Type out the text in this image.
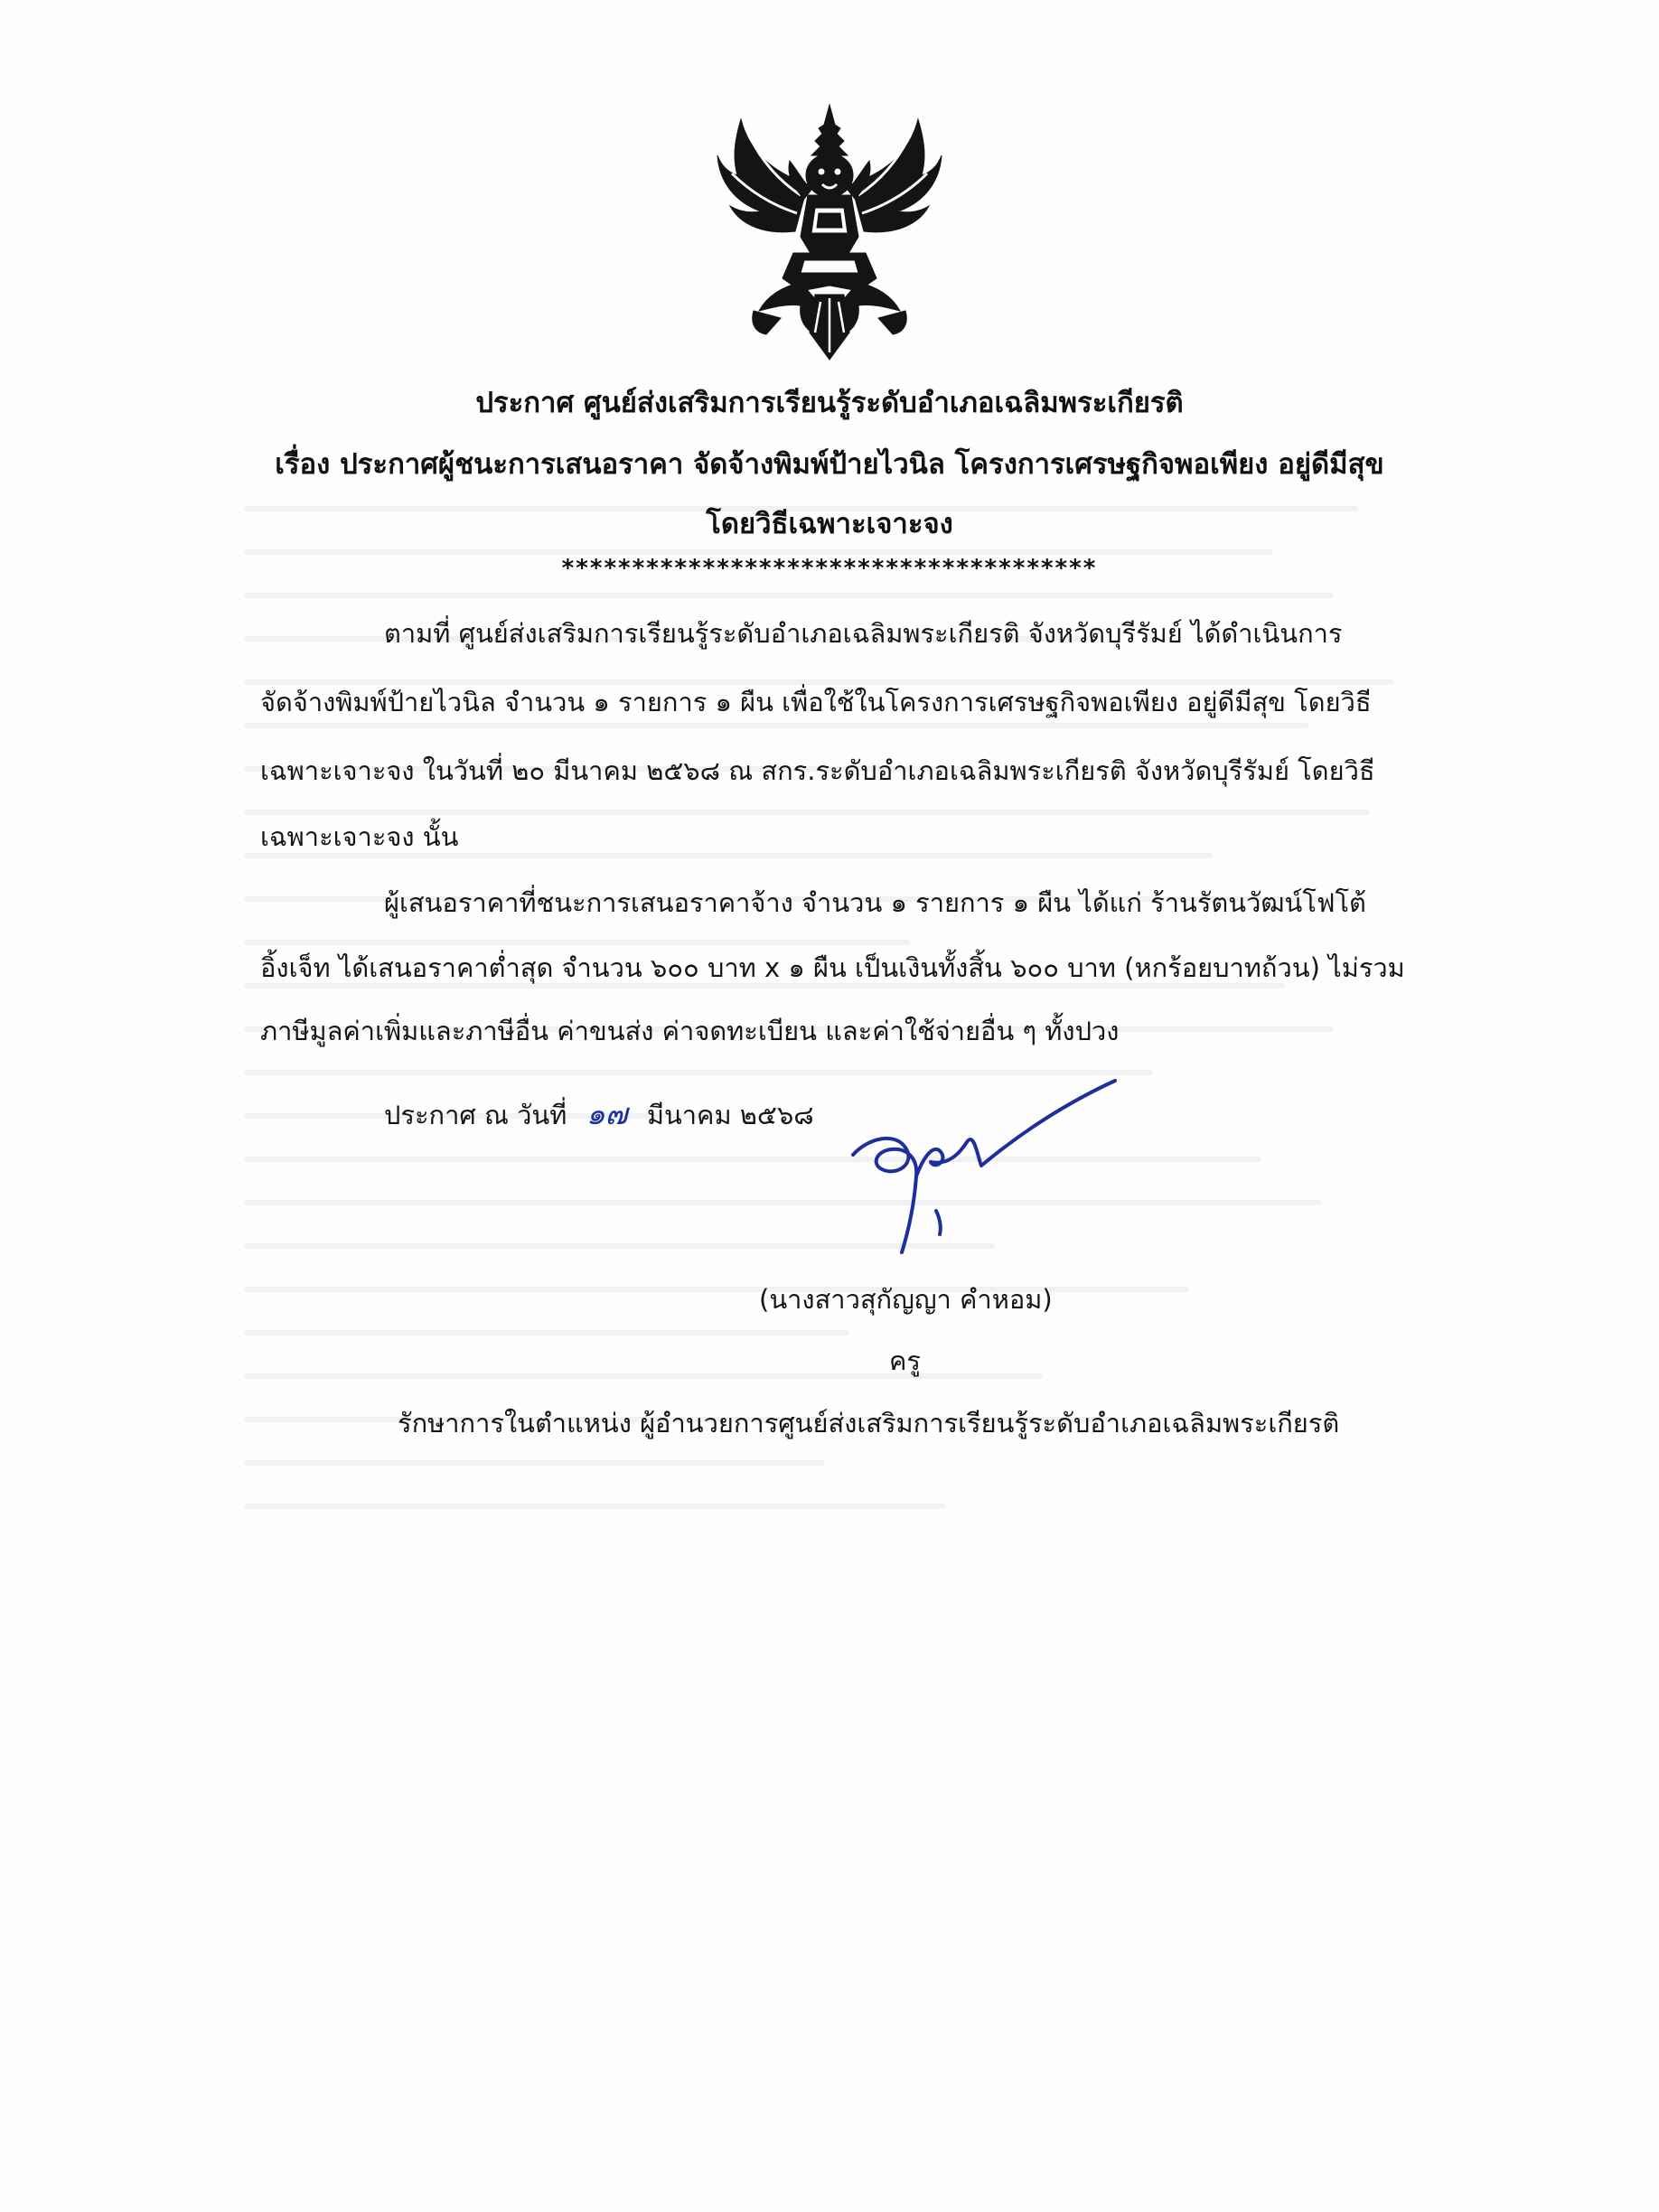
ประกาศ ศูนย์ส่งเสริมการเรียนรู้ระดับอำเภอเฉลิมพระเกียรติ
เรื่อง ประกาศผู้ชนะการเสนอราคา จัดจ้างพิมพ์ป้ายไวนิล โครงการเศรษฐกิจพอเพียง อยู่ดีมีสุข
โดยวิธีเฉพาะเจาะจง
**************************************
ตามที่ ศูนย์ส่งเสริมการเรียนรู้ระดับอำเภอเฉลิมพระเกียรติ จังหวัดบุรีรัมย์ ได้ดำเนินการ
จัดจ้างพิมพ์ป้ายไวนิล จำนวน ๑ รายการ ๑ ผืน เพื่อใช้ในโครงการเศรษฐกิจพอเพียง อยู่ดีมีสุข โดยวิธี
เฉพาะเจาะจง ในวันที่ ๒๐ มีนาคม ๒๕๖๘ ณ สกร.ระดับอำเภอเฉลิมพระเกียรติ จังหวัดบุรีรัมย์ โดยวิธี
เฉพาะเจาะจง นั้น
ผู้เสนอราคาที่ชนะการเสนอราคาจ้าง จำนวน ๑ รายการ ๑ ผืน ได้แก่ ร้านรัตนวัฒน์โฟโต้
อิ้งเจ็ท ได้เสนอราคาต่ำสุด จำนวน ๖๐๐ บาท x ๑ ผืน เป็นเงินทั้งสิ้น ๖๐๐ บาท (หกร้อยบาทถ้วน) ไม่รวม
ภาษีมูลค่าเพิ่มและภาษีอื่น ค่าขนส่ง ค่าจดทะเบียน และค่าใช้จ่ายอื่น ๆ ทั้งปวง
ประกาศ ณ วันที่ ๑๗ มีนาคม ๒๕๖๘
(นางสาวสุกัญญา คำหอม)
ครู
รักษาการในตำแหน่ง ผู้อำนวยการศูนย์ส่งเสริมการเรียนรู้ระดับอำเภอเฉลิมพระเกียรติ
